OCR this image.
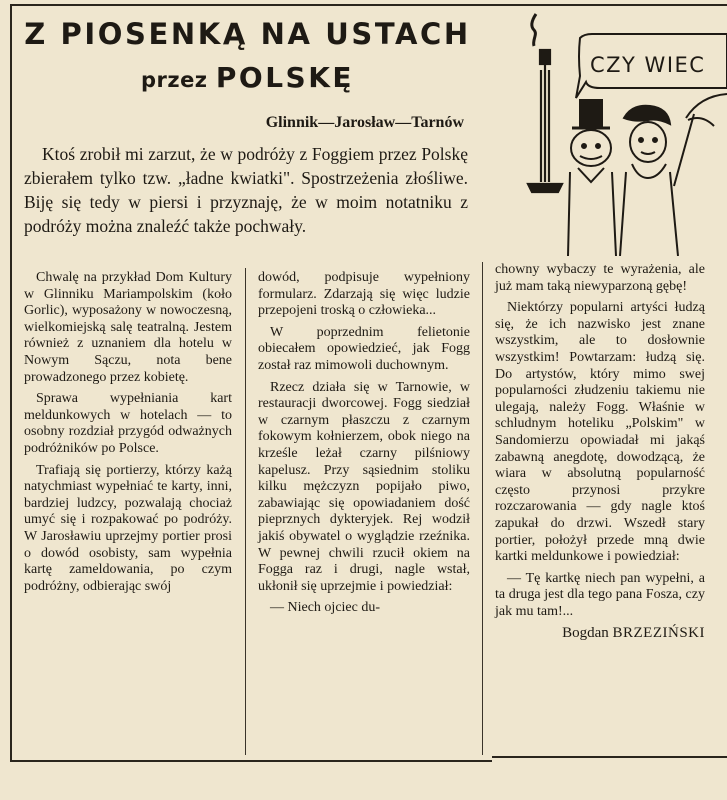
Z PIOSENKĄ NA USTACH
przez POLSKĘ
Glinnik—Jarosław—Tarnów

Ktoś zrobił mi zarzut, że w podróży z Foggiem przez Polskę zbierałem tylko tzw. „ładne kwiatki". Spostrzeżenia złośliwe. Biję się tedy w piersi i przyznaję, że w moim notatniku z podróży można znaleźć także pochwały.

Chwalę na przykład Dom Kultury w Glinniku Mariampolskim (koło Gorlic), wyposażony w nowoczesną, wielkomiejską salę teatralną. Jestem również z uznaniem dla hotelu w Nowym Sączu, nota bene prowadzonego przez kobietę.

Sprawa wypełniania kart meldunkowych w hotelach — to osobny rozdział przygód odważnych podróżników po Polsce.

Trafiają się portierzy, którzy każą natychmiast wypełniać te karty, inni, bardziej ludzcy, pozwalają chociaż umyć się i rozpakować po podróży. W Jarosławiu uprzejmy portier prosi o dowód osobisty, sam wypełnia kartę zameldowania, po czym podróżny, odbierając swój

dowód, podpisuje wypełniony formularz. Zdarzają się więc ludzie przepojeni troską o człowieka...

W poprzednim felietonie obiecałem opowiedzieć, jak Fogg został raz mimowoli duchownym.

Rzecz działa się w Tarnowie, w restauracji dworcowej. Fogg siedział w czarnym płaszczu z czarnym fokowym kołnierzem, obok niego na krześle leżał czarny pilśniowy kapelusz. Przy sąsiednim stoliku kilku mężczyzn popijało piwo, zabawiając się opowiadaniem dość pieprznych dykteryjek. Rej wodził jakiś obywatel o wyglądzie rzeźnika. W pewnej chwili rzucił okiem na Fogga raz i drugi, nagle wstał, ukłonił się uprzejmie i powiedział:

— Niech ojciec du-

chowny wybaczy te wyrażenia, ale już mam taką niewyparzoną gębę!

Niektórzy popularni artyści łudzą się, że ich nazwisko jest znane wszystkim, ale to dosłownie wszystkim! Powtarzam: łudzą się. Do artystów, który mimo swej popularności złudzeniu takiemu nie ulegają, należy Fogg. Właśnie w schludnym hoteliku „Polskim" w Sandomierzu opowiadał mi jakąś zabawną anegdotę, dowodzącą, że wiara w absolutną popularność często przynosi przykre rozczarowania — gdy nagle ktoś zapukał do drzwi. Wszedł stary portier, położył przede mną dwie kartki meldunkowe i powiedział:

— Tę kartkę niech pan wypełni, a ta druga jest dla tego pana Fosza, czy jak mu tam!...

Bogdan BRZEZIŃSKI

CZY WIEC
